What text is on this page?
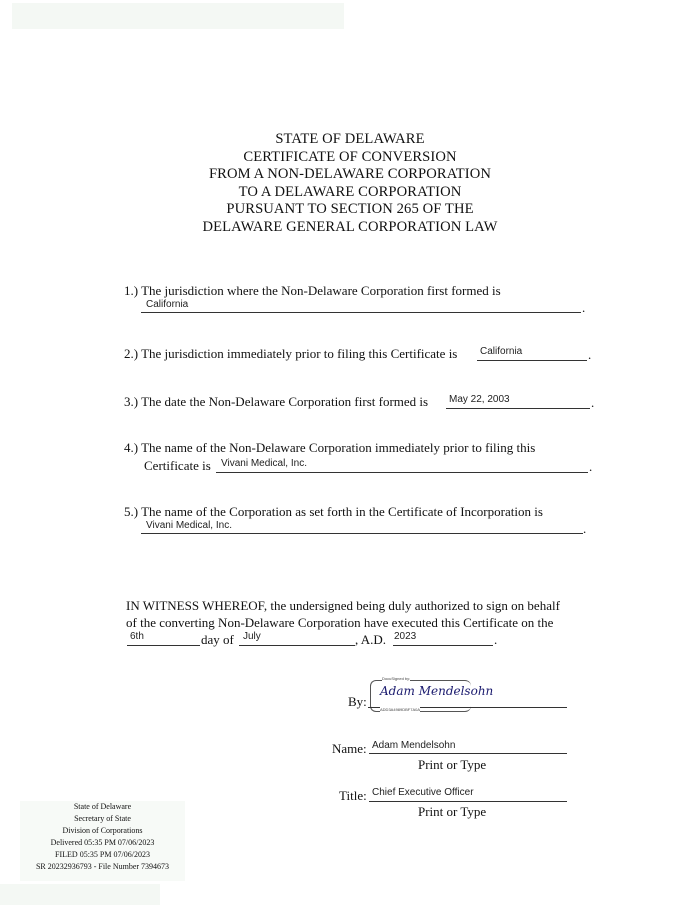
STATE OF DELAWARE
CERTIFICATE OF CONVERSION
FROM A NON-DELAWARE CORPORATION
TO A DELAWARE CORPORATION
PURSUANT TO SECTION 265 OF THE
DELAWARE GENERAL CORPORATION LAW
1.) The jurisdiction where the Non-Delaware Corporation first formed is
California	.
2.) The jurisdiction immediately prior to filing this Certificate is California	.
3.) The date the Non-Delaware Corporation first formed is May 22, 2003	.
4.) The name of the Non-Delaware Corporation immediately prior to filing this
Certificate is Vivani Medical, Inc.	.
5.) The name of the Corporation as set forth in the Certificate of Incorporation is
Vivani Medical, Inc.	.
IN WITNESS WHEREOF, the undersigned being duly authorized to sign on behalf
of the converting Non-Delaware Corporation have executed this Certificate on the
6th	day of July	, A.D. 2023	.
By:
DocuSigned by:
Adam Mendelsohn
ADD3A4989DBF7A0A
Name: Adam Mendelsohn
Print or Type
Title: Chief Executive Officer
Print or Type
State of Delaware
Secretary of State
Division of Corporations
Delivered 05:35 PM 07/06/2023
FILED 05:35 PM 07/06/2023
SR 20232936793 - File Number 7394673
